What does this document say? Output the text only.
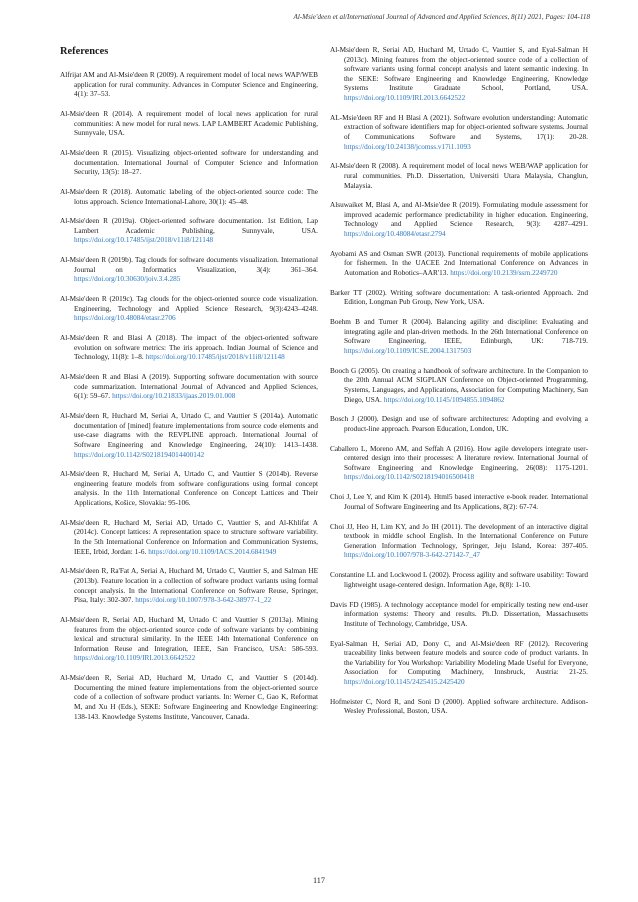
Al-Msie'deen et al/International Journal of Advanced and Applied Sciences, 8(11) 2021, Pages: 104-118
References

Alfrijat AM and Al-Msie'deen R (2009). A requirement model of local news WAP/WEB application for rural community. Advances in Computer Science and Engineering, 4(1): 37–53.

Al-Msie'deen R (2014). A requirement model of local news application for rural communities: A new model for rural news. LAP LAMBERT Academic Publishing, Sunnyvale, USA.

Al-Msie'deen R (2015). Visualizing object-oriented software for understanding and documentation. International Journal of Computer Science and Information Security, 13(5): 18–27.

Al-Msie'deen R (2018). Automatic labeling of the object-oriented source code: The lotus approach. Science International-Lahore, 30(1): 45–48.

Al-Msie'deen R (2019a). Object-oriented software documentation. 1st Edition, Lap Lambert Academic Publishing, Sunnyvale, USA. https://doi.org/10.17485/ijst/2018/v11i8/121148

Al-Msie'deen R (2019b). Tag clouds for software documents visualization. International Journal on Informatics Visualization, 3(4): 361–364. https://doi.org/10.30630/joiv.3.4.285

Al-Msie'deen R (2019c). Tag clouds for the object-oriented source code visualization. Engineering, Technology and Applied Science Research, 9(3):4243–4248. https://doi.org/10.48084/etasr.2706

Al-Msie'deen R and Blasi A (2018). The impact of the object-oriented software evolution on software metrics: The iris approach. Indian Journal of Science and Technology, 11(8): 1–8. https://doi.org/10.17485/ijst/2018/v11i8/121148

Al-Msie'deen R and Blasi A (2019). Supporting software documentation with source code summarization. International Journal of Advanced and Applied Sciences, 6(1): 59–67. https://doi.org/10.21833/ijaas.2019.01.008

Al-Msie'deen R, Huchard M, Seriai A, Urtado C, and Vauttier S (2014a). Automatic documentation of [mined] feature implementations from source code elements and use-case diagrams with the REVPLINE approach. International Journal of Software Engineering and Knowledge Engineering, 24(10): 1413–1438. https://doi.org/10.1142/S0218194014400142

Al-Msie'deen R, Huchard M, Seriai A, Urtado C, and Vauttier S (2014b). Reverse engineering feature models from software configurations using formal concept analysis. In the 11th International Conference on Concept Lattices and Their Applications, Košice, Slovakia: 95-106.

Al-Msie'deen R, Huchard M, Seriai AD, Urtado C, Vauttier S, and Al-Khlifat A (2014c). Concept lattices: A representation space to structure software variability. In the 5th International Conference on Information and Communication Systems, IEEE, Irbid, Jordan: 1-6. https://doi.org/10.1109/IACS.2014.6841949

Al-Msie'deen R, Ra'Fat A, Seriai A, Huchard M, Urtado C, Vauttier S, and Salman HE (2013b). Feature location in a collection of software product variants using formal concept analysis. In the International Conference on Software Reuse, Springer, Pisa, Italy: 302-307. https://doi.org/10.1007/978-3-642-38977-1_22

Al-Msie'deen R, Seriai AD, Huchard M, Urtado C and Vauttier S (2013a). Mining features from the object-oriented source code of software variants by combining lexical and structural similarity. In the IEEE 14th International Conference on Information Reuse and Integration, IEEE, San Francisco, USA: 586-593. https://doi.org/10.1109/IRI.2013.6642522

Al-Msie'deen R, Seriai AD, Huchard M, Urtado C, and Vauttier S (2014d). Documenting the mined feature implementations from the object-oriented source code of a collection of software product variants. In: Werner C, Gao K, Reformat M, and Xu H (Eds.), SEKE: Software Engineering and Knowledge Engineering: 138-143. Knowledge Systems Institute, Vancouver, Canada.

Al-Msie'deen R, Seriai AD, Huchard M, Urtado C, Vauttier S, and Eyal-Salman H (2013c). Mining features from the object-oriented source code of a collection of software variants using formal concept analysis and latent semantic indexing. In the SEKE: Software Engineering and Knowledge Engineering, Knowledge Systems Institute Graduate School, Portland, USA. https://doi.org/10.1109/IRI.2013.6642522

AL-Msie'deen RF and H Blasi A (2021). Software evolution understanding: Automatic extraction of software identifiers map for object-oriented software systems. Journal of Communications Software and Systems, 17(1): 20-28. https://doi.org/10.24138/jcomss.v17i1.1093

Al-Msie'deen R (2008). A requirement model of local news WEB/WAP application for rural communities. Ph.D. Dissertation, Universiti Utara Malaysia, Changlun, Malaysia.

Alsuwaiket M, Blasi A, and Al-Msie'dee R (2019). Formulating module assessment for improved academic performance predictability in higher education. Engineering, Technology and Applied Science Research, 9(3): 4287–4291. https://doi.org/10.48084/etasr.2794

Ayobami AS and Osman SWR (2013). Functional requirements of mobile applications for fishermen. In the UACEE 2nd International Conference on Advances in Automation and Robotics–AAR'13. https://doi.org/10.2139/ssrn.2249720

Barker TT (2002). Writing software documentation: A task-oriented Approach. 2nd Edition, Longman Pub Group, New York, USA.

Boehm B and Turner R (2004). Balancing agility and discipline: Evaluating and integrating agile and plan-driven methods. In the 26th International Conference on Software Engineering, IEEE, Edinburgh, UK: 718-719. https://doi.org/10.1109/ICSE.2004.1317503

Booch G (2005). On creating a handbook of software architecture. In the Companion to the 20th Annual ACM SIGPLAN Conference on Object-oriented Programming, Systems, Languages, and Applications, Association for Computing Machinery, San Diego, USA. https://doi.org/10.1145/1094855.1094862

Bosch J (2000). Design and use of software architectures: Adopting and evolving a product-line approach. Pearson Education, London, UK.

Caballero L, Moreno AM, and Seffah A (2016). How agile developers integrate user-centered design into their processes: A literature review. International Journal of Software Engineering and Knowledge Engineering, 26(08): 1175-1201. https://doi.org/10.1142/S0218194016500418

Choi J, Lee Y, and Kim K (2014). Html5 based interactive e-book reader. International Journal of Software Engineering and Its Applications, 8(2): 67-74.

Choi JJ, Heo H, Lim KY, and Jo IH (2011). The development of an interactive digital textbook in middle school English. In the International Conference on Future Generation Information Technology, Springer, Jeju Island, Korea: 397-405. https://doi.org/10.1007/978-3-642-27142-7_47

Constantine LL and Lockwood L (2002). Process agility and software usability: Toward lightweight usage-centered design. Information Age, 8(8): 1-10.

Davis FD (1985). A technology acceptance model for empirically testing new end-user information systems: Theory and results. Ph.D. Dissertation, Massachusetts Institute of Technology, Cambridge, USA.

Eyal-Salman H, Seriai AD, Dony C, and Al-Msie'deen RF (2012). Recovering traceability links between feature models and source code of product variants. In the Variability for You Workshop: Variability Modeling Made Useful for Everyone, Association for Computing Machinery, Innsbruck, Austria: 21-25. https://doi.org/10.1145/2425415.2425420

Hofmeister C, Nord R, and Soni D (2000). Applied software architecture. Addison-Wesley Professional, Boston, USA.

117
